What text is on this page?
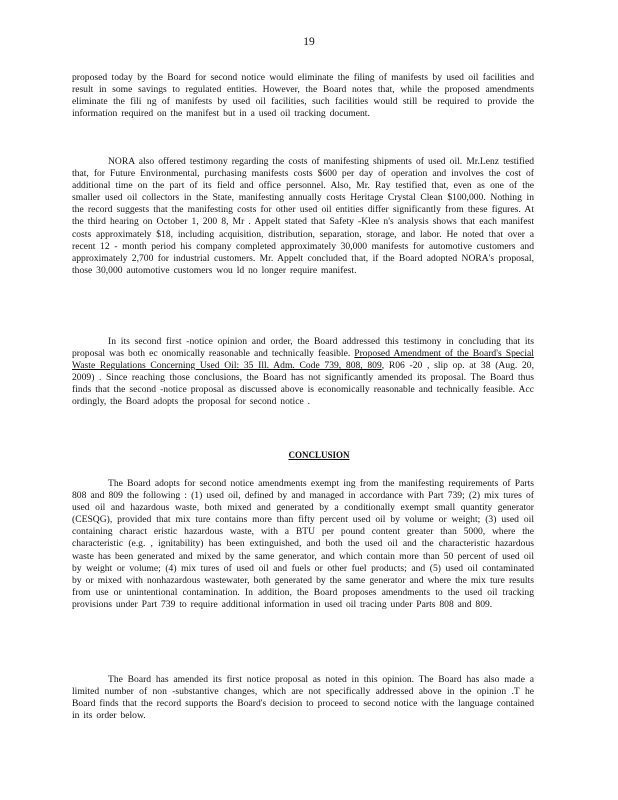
19

proposed today by the Board for second notice would eliminate the filing of manifests by used oil facilities and result in some savings to regulated entities. However, the Board notes that, while the proposed amendments eliminate the fili ng of manifests by used oil facilities, such facilities would still be required to provide the information required on the manifest but in a used oil tracking document.

NORA also offered testimony regarding the costs of manifesting shipments of used oil. Mr.Lenz testified that, for Future Environmental, purchasing manifests costs $600 per day of operation and involves the cost of additional time on the part of its field and office personnel. Also, Mr. Ray testified that, even as one of the smaller used oil collectors in the State, manifesting annually costs Heritage Crystal Clean $100,000. Nothing in the record suggests that the manifesting costs for other used oil entities differ significantly from these figures. At the third hearing on October 1, 200 8, Mr . Appelt stated that Safety -Klee n's analysis shows that each manifest costs approximately $18, including acquisition, distribution, separation, storage, and labor. He noted that over a recent 12 - month period his company completed approximately 30,000 manifests for automotive customers and approximately 2,700 for industrial customers. Mr. Appelt concluded that, if the Board adopted NORA's proposal, those 30,000 automotive customers wou ld no longer require manifest.

In its second first -notice opinion and order, the Board addressed this testimony in concluding that its proposal was both ec onomically reasonable and technically feasible. Proposed Amendment of the Board's Special Waste Regulations Concerning Used Oil: 35 Ill. Adm. Code 739, 808, 809, R06 -20 , slip op. at 38 (Aug. 20, 2009) . Since reaching those conclusions, the Board has not significantly amended its proposal. The Board thus finds that the second -notice proposal as discussed above is economically reasonable and technically feasible. Acc ordingly, the Board adopts the proposal for second notice .

CONCLUSION

The Board adopts for second notice amendments exempt ing from the manifesting requirements of Parts 808 and 809 the following : (1) used oil, defined by and managed in accordance with Part 739; (2) mix tures of used oil and hazardous waste, both mixed and generated by a conditionally exempt small quantity generator (CESQG), provided that mix ture contains more than fifty percent used oil by volume or weight; (3) used oil containing charact eristic hazardous waste, with a BTU per pound content greater than 5000, where the characteristic (e.g. , ignitability) has been extinguished, and both the used oil and the characteristic hazardous waste has been generated and mixed by the same generator, and which contain more than 50 percent of used oil by weight or volume; (4) mix tures of used oil and fuels or other fuel products; and (5) used oil contaminated by or mixed with nonhazardous wastewater, both generated by the same generator and where the mix ture results from use or unintentional contamination. In addition, the Board proposes amendments to the used oil tracking provisions under Part 739 to require additional information in used oil tracing under Parts 808 and 809.

The Board has amended its first notice proposal as noted in this opinion. The Board has also made a limited number of non -substantive changes, which are not specifically addressed above in the opinion .T he Board finds that the record supports the Board's decision to proceed to second notice with the language contained in its order below.
